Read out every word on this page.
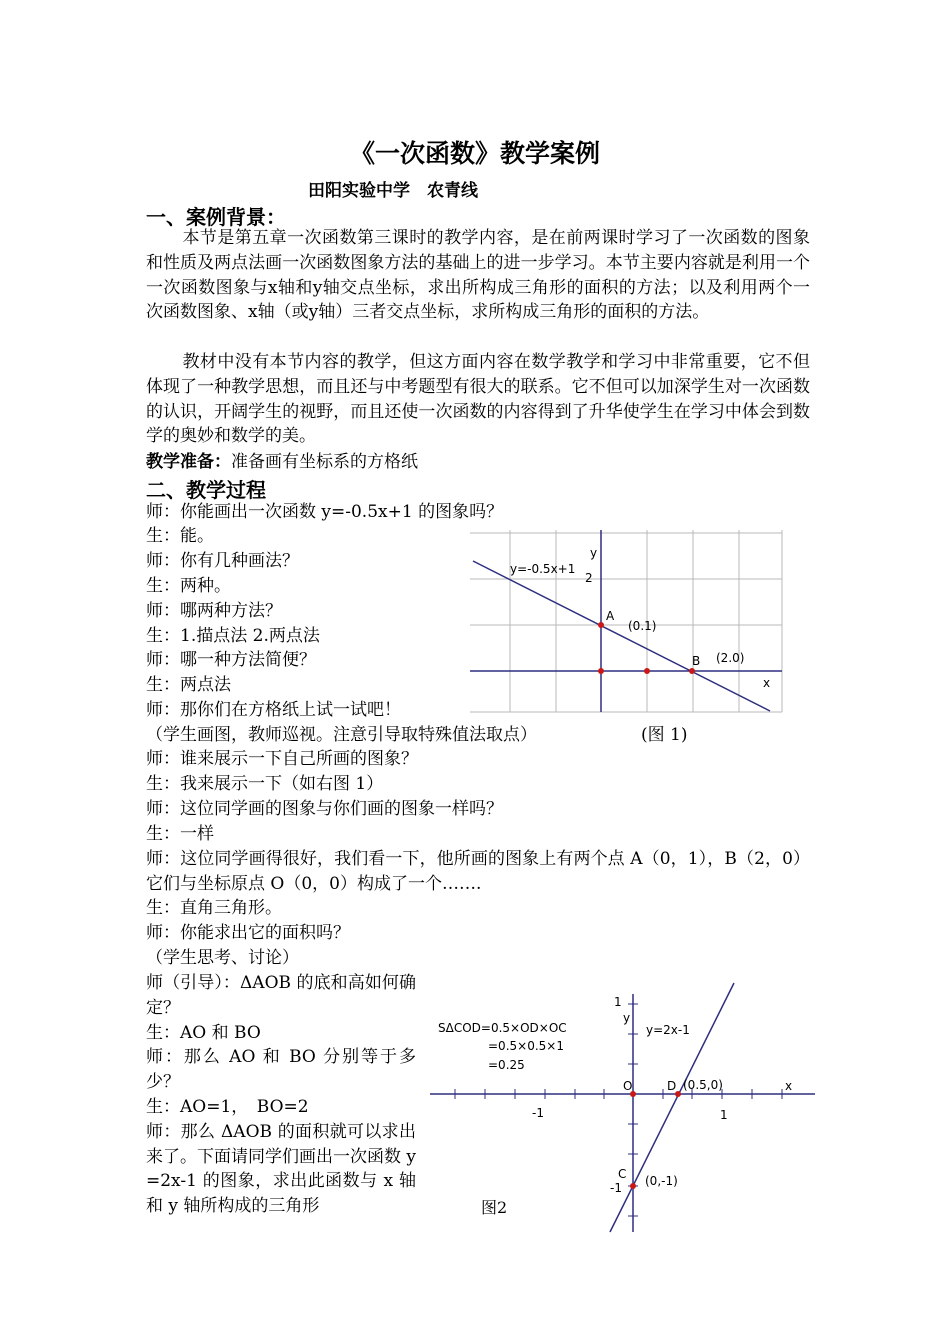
《一次函数》教学案例
田阳实验中学　农青线
一、案例背景：
本节是第五章一次函数第三课时的教学内容，是在前两课时学习了一次函数的图象和性质及两点法画一次函数图象方法的基础上的进一步学习。本节主要内容就是利用一个一次函数图象与x轴和y轴交点坐标，求出所构成三角形的面积的方法；以及利用两个一次函数图象、x轴（或y轴）三者交点坐标，求所构成三角形的面积的方法。
教材中没有本节内容的教学，但这方面内容在数学教学和学习中非常重要，它不但体现了一种教学思想，而且还与中考题型有很大的联系。它不但可以加深学生对一次函数的认识，开阔学生的视野，而且还使一次函数的内容得到了升华使学生在学习中体会到数学的奥妙和数学的美。
教学准备：准备画有坐标系的方格纸
二、教学过程
师：你能画出一次函数 y=-0.5x+1 的图象吗？
生：能。
师：你有几种画法？
生：两种。
师：哪两种方法？
生：1.描点法 2.两点法
师：哪一种方法简便？
生：两点法
师：那你们在方格纸上试一试吧！
（学生画图，教师巡视。注意引导取特殊值法取点）	(图 1)
师：谁来展示一下自己所画的图象？
生：我来展示一下（如右图 1）
师：这位同学画的图象与你们画的图象一样吗？
生：一样
师：这位同学画得很好，我们看一下，他所画的图象上有两个点 A（0，1），B（2，0）它们与坐标原点 O（0，0）构成了一个…….
生：直角三角形。
师：你能求出它的面积吗？
（学生思考、讨论）
师（引导）：ΔAOB 的底和高如何确定？
生：AO 和 BO
师：那么 AO 和 BO 分别等于多少？
生：AO=1，　BO=2
师：那么 ΔAOB 的面积就可以求出来了。下面请同学们画出一次函数 y=2x-1 的图象，求出此函数与 x 轴和 y 轴所构成的三角形
y=-0.5x+1
y
2
A
(0.1)
B (2.0)
x
1
y
SΔCOD=0.5×OD×OC
=0.5×0.5×1
=0.25
y=2x-1
O	D (0.5,0)	x
-1	1
C
-1 (0,-1)
图2
